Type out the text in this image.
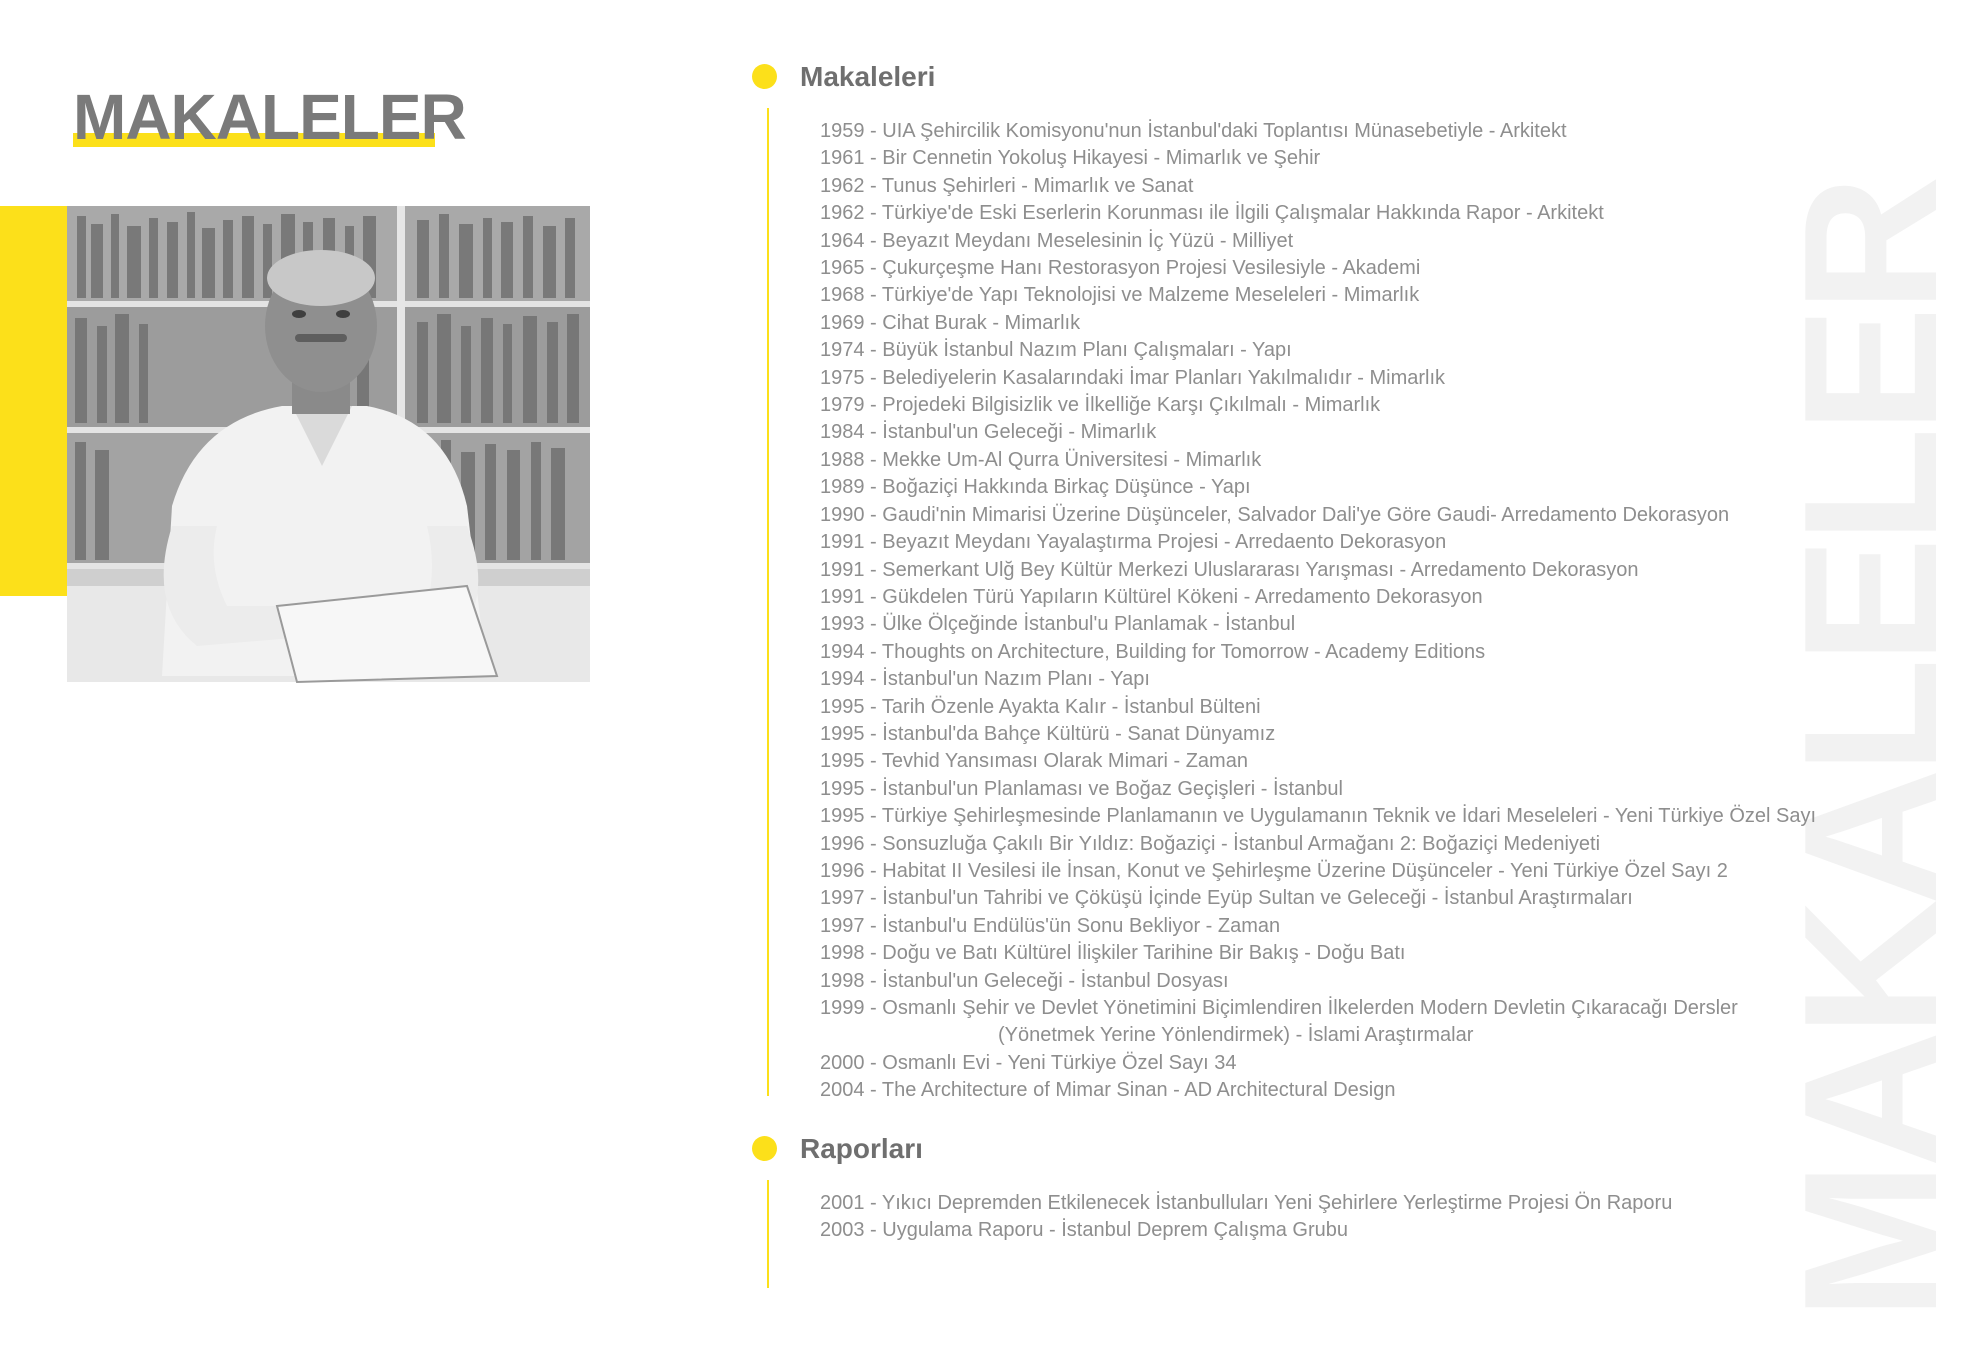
MAKALELER
MAKALELER
Makaleleri
1959 - UIA Şehircilik Komisyonu'nun İstanbul'daki Toplantısı Münasebetiyle - Arkitekt
1961 - Bir Cennetin Yokoluş Hikayesi - Mimarlık ve Şehir
1962 - Tunus Şehirleri - Mimarlık ve Sanat
1962 - Türkiye'de Eski Eserlerin Korunması ile İlgili Çalışmalar Hakkında Rapor - Arkitekt
1964 - Beyazıt Meydanı Meselesinin İç Yüzü - Milliyet
1965 - Çukurçeşme Hanı Restorasyon Projesi Vesilesiyle - Akademi
1968 - Türkiye'de Yapı Teknolojisi ve Malzeme Meseleleri - Mimarlık
1969 - Cihat Burak - Mimarlık
1974 - Büyük İstanbul Nazım Planı Çalışmaları - Yapı
1975 - Belediyelerin Kasalarındaki İmar Planları Yakılmalıdır - Mimarlık
1979 - Projedeki Bilgisizlik ve İlkelliğe Karşı Çıkılmalı - Mimarlık
1984 - İstanbul'un Geleceği - Mimarlık
1988 - Mekke Um-Al Qurra Üniversitesi - Mimarlık
1989 - Boğaziçi Hakkında Birkaç Düşünce - Yapı
1990 - Gaudi'nin Mimarisi Üzerine Düşünceler, Salvador Dali'ye Göre Gaudi- Arredamento Dekorasyon
1991 - Beyazıt Meydanı Yayalaştırma Projesi - Arredaento Dekorasyon
1991 - Semerkant Ulğ Bey Kültür Merkezi Uluslararası Yarışması - Arredamento Dekorasyon
1991 - Gükdelen Türü Yapıların Kültürel Kökeni - Arredamento Dekorasyon
1993 - Ülke Ölçeğinde İstanbul'u Planlamak - İstanbul
1994 - Thoughts on Architecture, Building for Tomorrow - Academy Editions
1994 - İstanbul'un Nazım Planı - Yapı
1995 - Tarih Özenle Ayakta Kalır - İstanbul Bülteni
1995 - İstanbul'da Bahçe Kültürü - Sanat Dünyamız
1995 - Tevhid Yansıması Olarak Mimari - Zaman
1995 - İstanbul'un Planlaması ve Boğaz Geçişleri - İstanbul
1995 - Türkiye Şehirleşmesinde Planlamanın ve Uygulamanın Teknik ve İdari Meseleleri - Yeni Türkiye Özel Sayı
1996 - Sonsuzluğa Çakılı Bir Yıldız: Boğaziçi - İstanbul Armağanı 2: Boğaziçi Medeniyeti
1996 - Habitat II Vesilesi ile İnsan, Konut ve Şehirleşme Üzerine Düşünceler - Yeni Türkiye Özel Sayı 2
1997 - İstanbul'un Tahribi ve Çöküşü İçinde Eyüp Sultan ve Geleceği - İstanbul Araştırmaları
1997 - İstanbul'u Endülüs'ün Sonu Bekliyor - Zaman
1998 - Doğu ve Batı Kültürel İlişkiler Tarihine Bir Bakış - Doğu Batı
1998 - İstanbul'un Geleceği - İstanbul Dosyası
1999 - Osmanlı Şehir ve Devlet Yönetimini Biçimlendiren İlkelerden Modern Devletin Çıkaracağı Dersler
(Yönetmek Yerine Yönlendirmek) - İslami Araştırmalar
2000 - Osmanlı Evi - Yeni Türkiye Özel Sayı 34
2004 - The Architecture of Mimar Sinan - AD Architectural Design
Raporları
2001 - Yıkıcı Depremden Etkilenecek İstanbulluları Yeni Şehirlere Yerleştirme Projesi Ön Raporu
2003 - Uygulama Raporu - İstanbul Deprem Çalışma Grubu
